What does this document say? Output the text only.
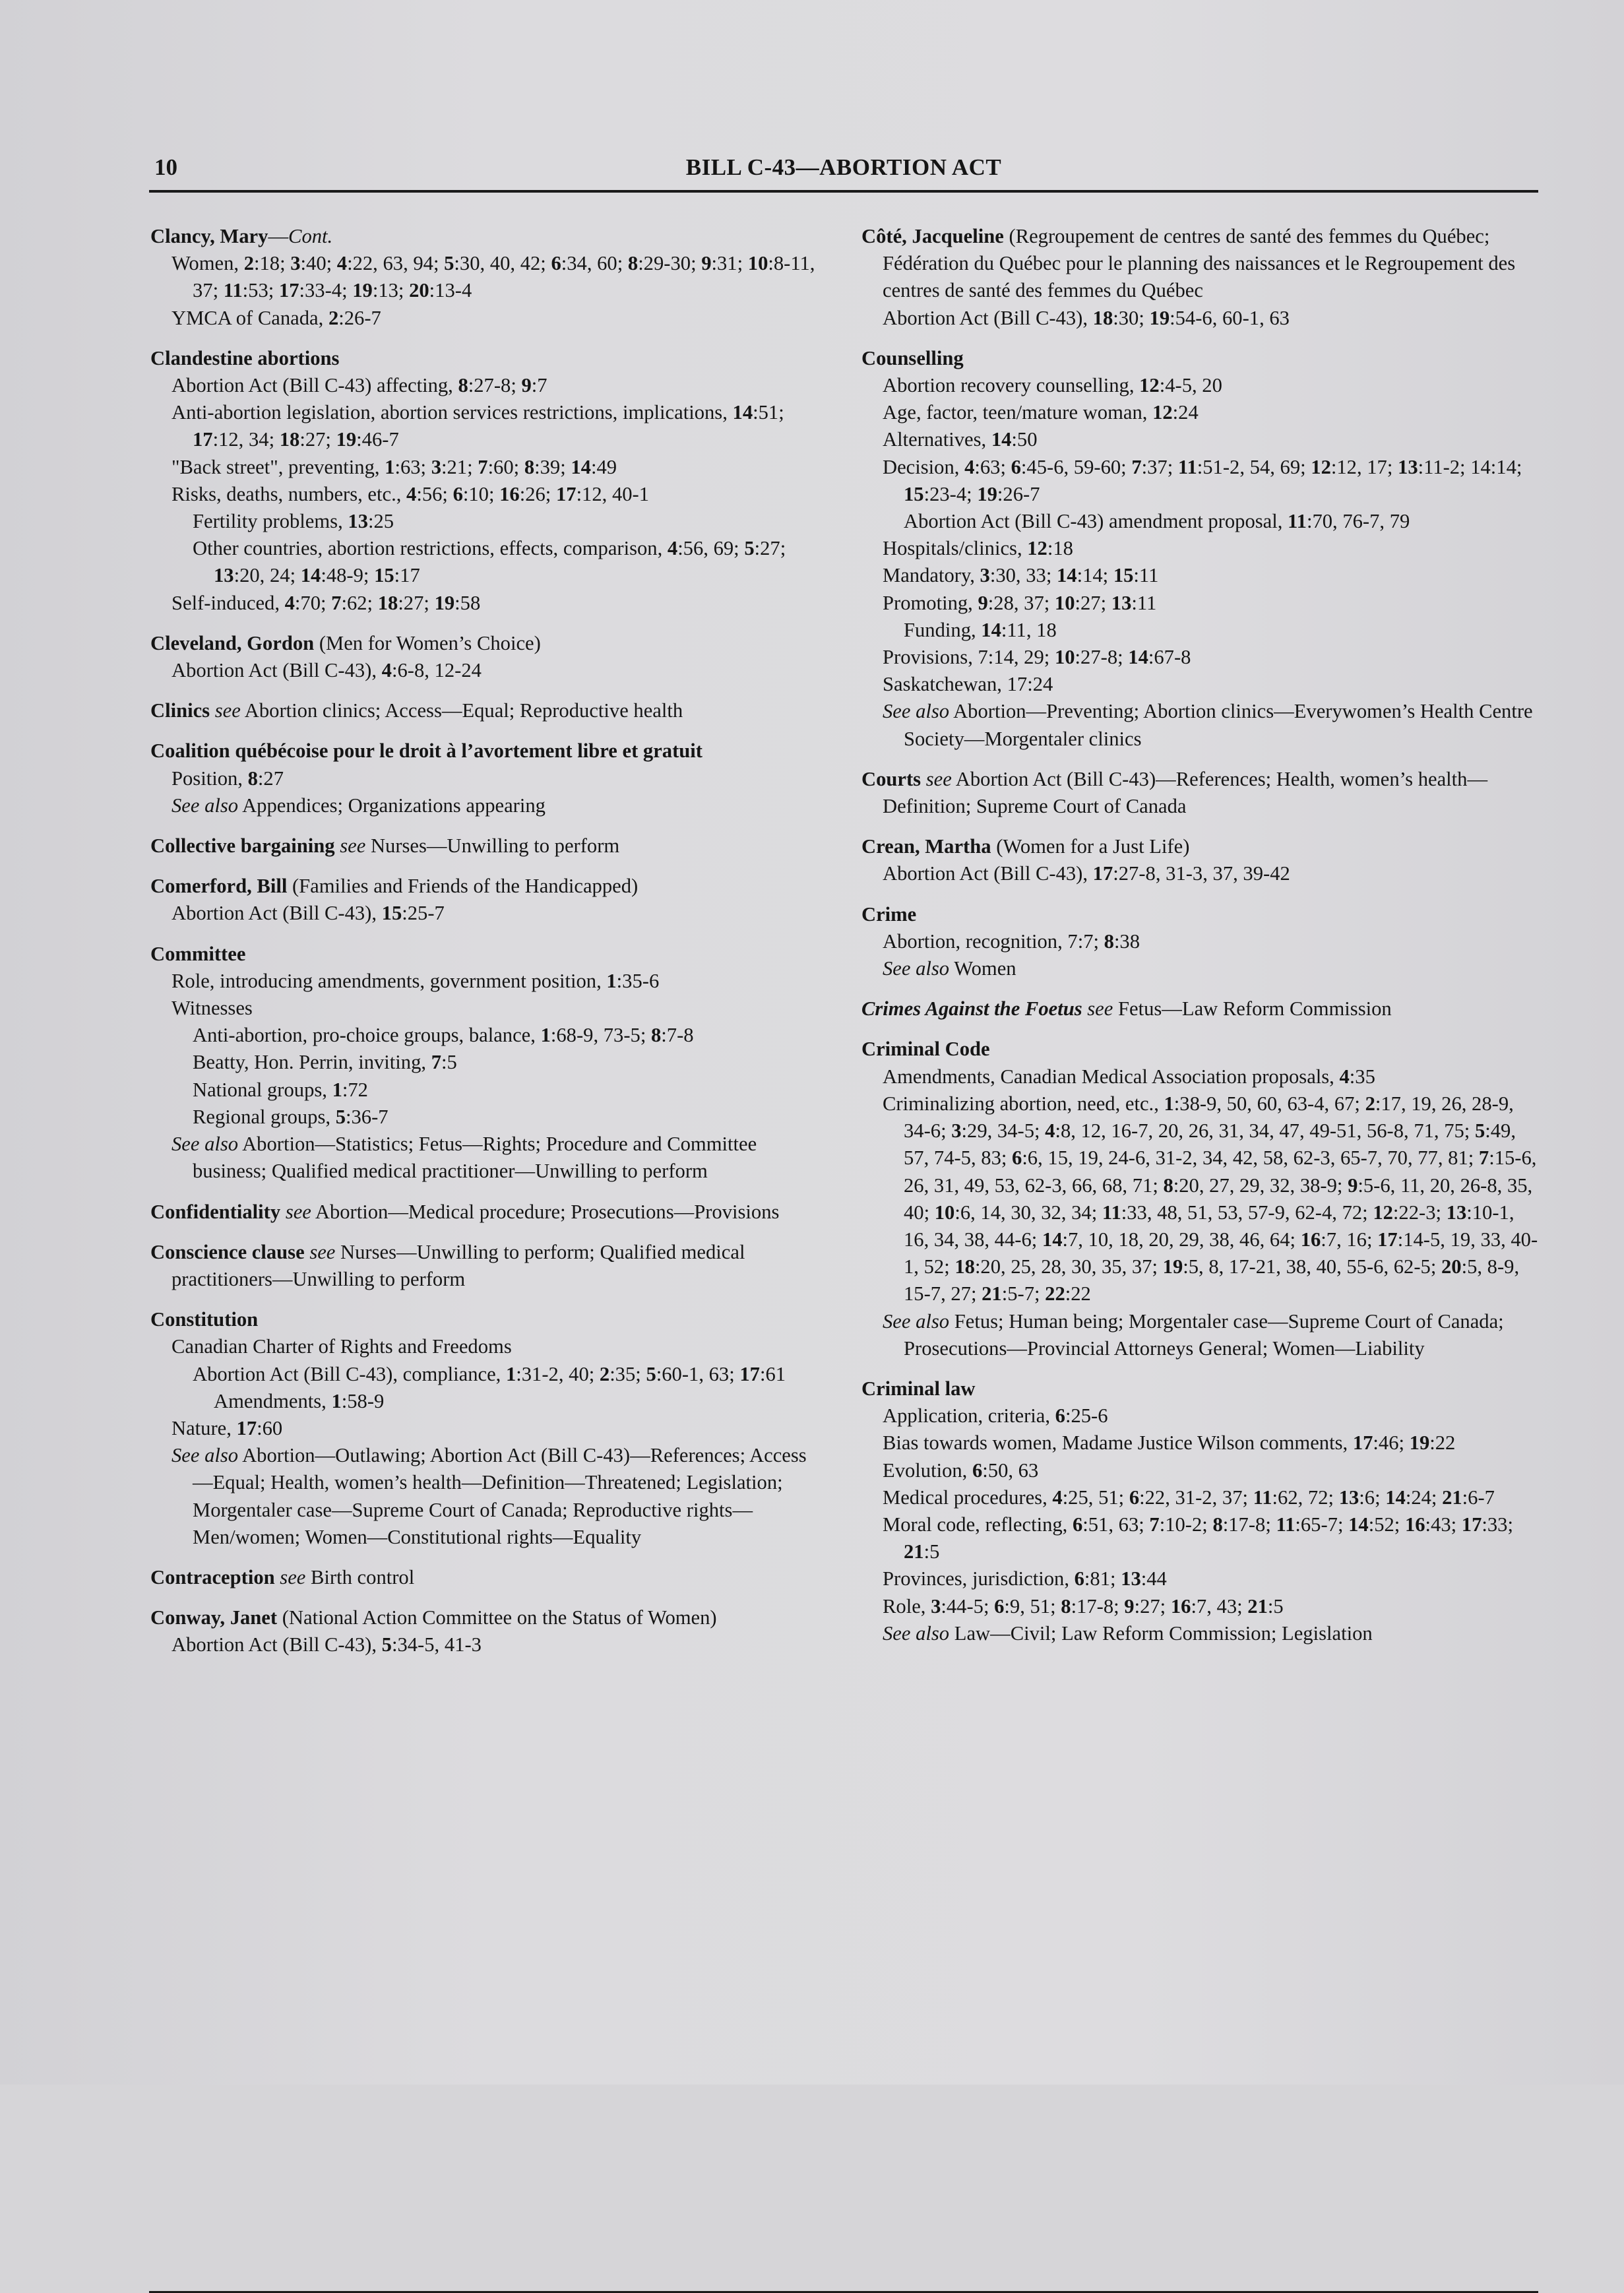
10	BILL C-43—ABORTION ACT
Clancy, Mary—Cont.
Women, 2:18; 3:40; 4:22, 63, 94; 5:30, 40, 42; 6:34, 60; 8:29-30; 9:31; 10:8-11, 37; 11:53; 17:33-4; 19:13; 20:13-4
YMCA of Canada, 2:26-7
Clandestine abortions
Abortion Act (Bill C-43) affecting, 8:27-8; 9:7
Anti-abortion legislation, abortion services restrictions, implications, 14:51; 17:12, 34; 18:27; 19:46-7
"Back street", preventing, 1:63; 3:21; 7:60; 8:39; 14:49
Risks, deaths, numbers, etc., 4:56; 6:10; 16:26; 17:12, 40-1
Fertility problems, 13:25
Other countries, abortion restrictions, effects, comparison, 4:56, 69; 5:27; 13:20, 24; 14:48-9; 15:17
Self-induced, 4:70; 7:62; 18:27; 19:58
Cleveland, Gordon (Men for Women’s Choice)
Abortion Act (Bill C-43), 4:6-8, 12-24
Clinics see Abortion clinics; Access—Equal; Reproductive health
Coalition québécoise pour le droit à l’avortement libre et gratuit
Position, 8:27
See also Appendices; Organizations appearing
Collective bargaining see Nurses—Unwilling to perform
Comerford, Bill (Families and Friends of the Handicapped)
Abortion Act (Bill C-43), 15:25-7
Committee
Role, introducing amendments, government position, 1:35-6
Witnesses
Anti-abortion, pro-choice groups, balance, 1:68-9, 73-5; 8:7-8
Beatty, Hon. Perrin, inviting, 7:5
National groups, 1:72
Regional groups, 5:36-7
See also Abortion—Statistics; Fetus—Rights; Procedure and Committee business; Qualified medical practitioner—Unwilling to perform
Confidentiality see Abortion—Medical procedure; Prosecutions—Provisions
Conscience clause see Nurses—Unwilling to perform; Qualified medical practitioners—Unwilling to perform
Constitution
Canadian Charter of Rights and Freedoms
Abortion Act (Bill C-43), compliance, 1:31-2, 40; 2:35; 5:60-1, 63; 17:61
Amendments, 1:58-9
Nature, 17:60
See also Abortion—Outlawing; Abortion Act (Bill C-43)—References; Access—Equal; Health, women’s health—Definition—Threatened; Legislation; Morgentaler case—Supreme Court of Canada; Reproductive rights—Men/women; Women—Constitutional rights—Equality
Contraception see Birth control
Conway, Janet (National Action Committee on the Status of Women)
Abortion Act (Bill C-43), 5:34-5, 41-3
Côté, Jacqueline (Regroupement de centres de santé des femmes du Québec; Fédération du Québec pour le planning des naissances et le Regroupement des centres de santé des femmes du Québec
Abortion Act (Bill C-43), 18:30; 19:54-6, 60-1, 63
Counselling
Abortion recovery counselling, 12:4-5, 20
Age, factor, teen/mature woman, 12:24
Alternatives, 14:50
Decision, 4:63; 6:45-6, 59-60; 7:37; 11:51-2, 54, 69; 12:12, 17; 13:11-2; 14:14; 15:23-4; 19:26-7
Abortion Act (Bill C-43) amendment proposal, 11:70, 76-7, 79
Hospitals/clinics, 12:18
Mandatory, 3:30, 33; 14:14; 15:11
Promoting, 9:28, 37; 10:27; 13:11
Funding, 14:11, 18
Provisions, 7:14, 29; 10:27-8; 14:67-8
Saskatchewan, 17:24
See also Abortion—Preventing; Abortion clinics—Everywomen’s Health Centre Society—Morgentaler clinics
Courts see Abortion Act (Bill C-43)—References; Health, women’s health—Definition; Supreme Court of Canada
Crean, Martha (Women for a Just Life)
Abortion Act (Bill C-43), 17:27-8, 31-3, 37, 39-42
Crime
Abortion, recognition, 7:7; 8:38
See also Women
Crimes Against the Foetus see Fetus—Law Reform Commission
Criminal Code
Amendments, Canadian Medical Association proposals, 4:35
Criminalizing abortion, need, etc., 1:38-9, 50, 60, 63-4, 67; 2:17, 19, 26, 28-9, 34-6; 3:29, 34-5; 4:8, 12, 16-7, 20, 26, 31, 34, 47, 49-51, 56-8, 71, 75; 5:49, 57, 74-5, 83; 6:6, 15, 19, 24-6, 31-2, 34, 42, 58, 62-3, 65-7, 70, 77, 81; 7:15-6, 26, 31, 49, 53, 62-3, 66, 68, 71; 8:20, 27, 29, 32, 38-9; 9:5-6, 11, 20, 26-8, 35, 40; 10:6, 14, 30, 32, 34; 11:33, 48, 51, 53, 57-9, 62-4, 72; 12:22-3; 13:10-1, 16, 34, 38, 44-6; 14:7, 10, 18, 20, 29, 38, 46, 64; 16:7, 16; 17:14-5, 19, 33, 40-1, 52; 18:20, 25, 28, 30, 35, 37; 19:5, 8, 17-21, 38, 40, 55-6, 62-5; 20:5, 8-9, 15-7, 27; 21:5-7; 22:22
See also Fetus; Human being; Morgentaler case—Supreme Court of Canada; Prosecutions—Provincial Attorneys General; Women—Liability
Criminal law
Application, criteria, 6:25-6
Bias towards women, Madame Justice Wilson comments, 17:46; 19:22
Evolution, 6:50, 63
Medical procedures, 4:25, 51; 6:22, 31-2, 37; 11:62, 72; 13:6; 14:24; 21:6-7
Moral code, reflecting, 6:51, 63; 7:10-2; 8:17-8; 11:65-7; 14:52; 16:43; 17:33; 21:5
Provinces, jurisdiction, 6:81; 13:44
Role, 3:44-5; 6:9, 51; 8:17-8; 9:27; 16:7, 43; 21:5
See also Law—Civil; Law Reform Commission; Legislation
